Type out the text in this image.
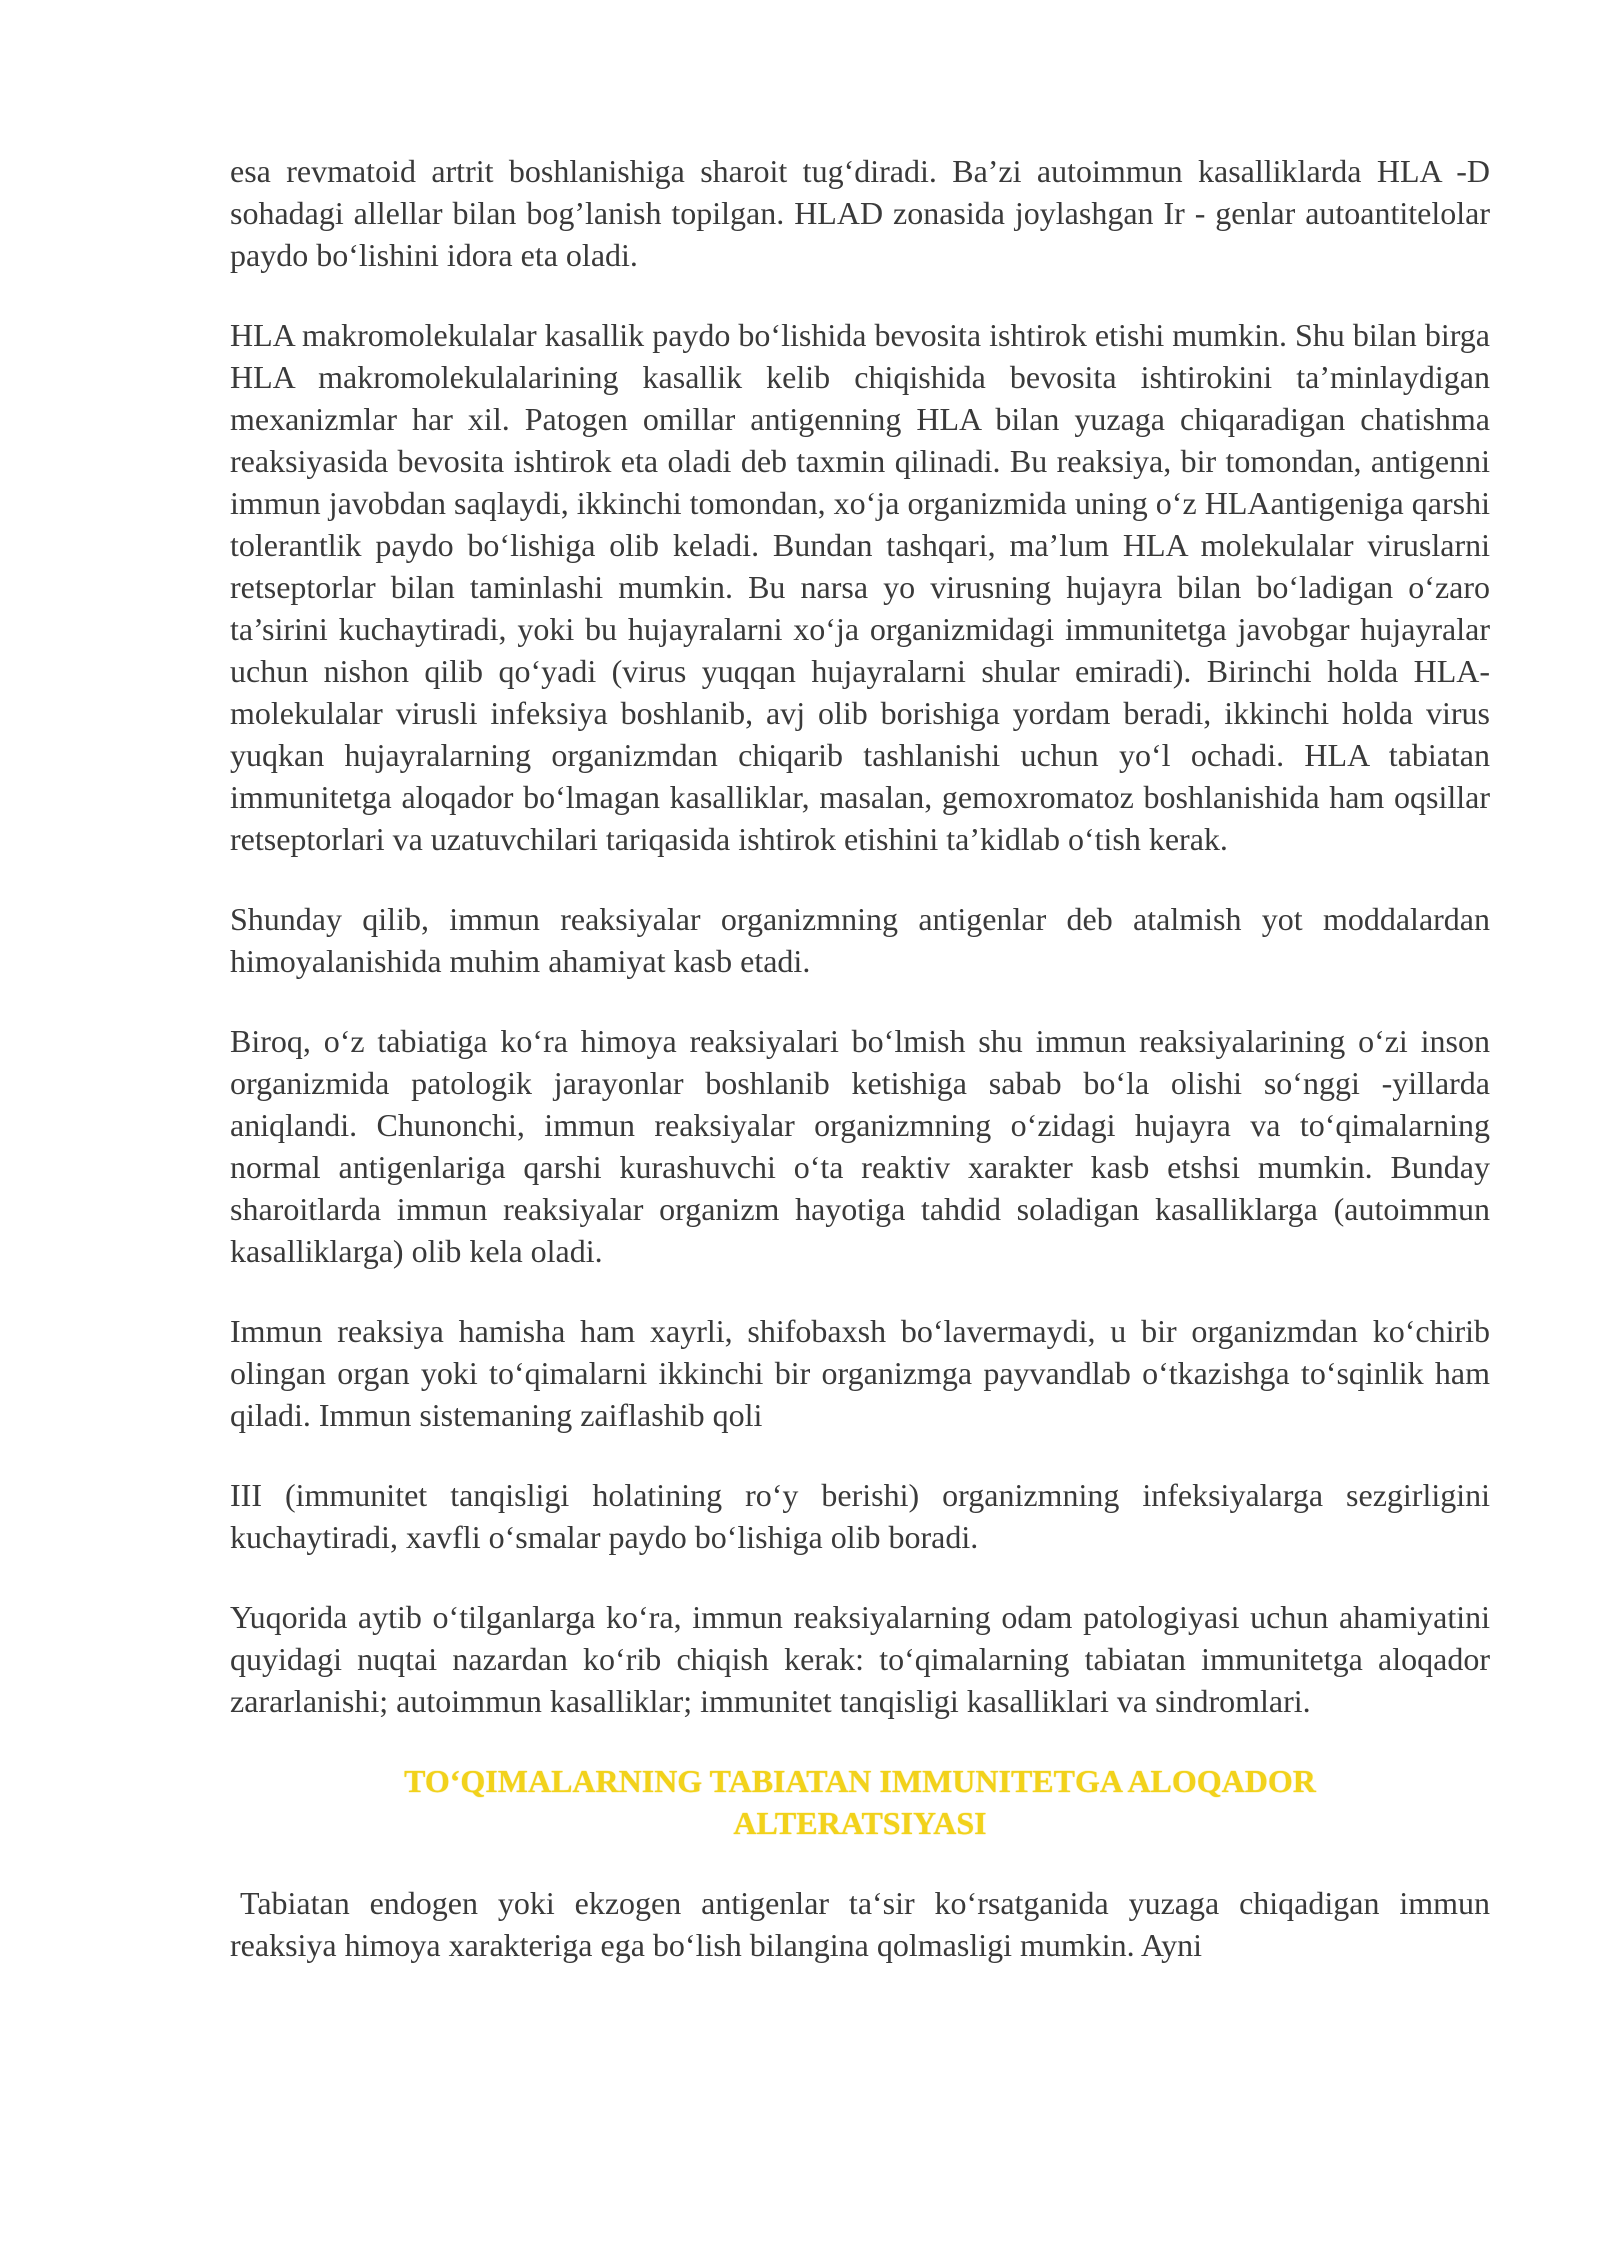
esa revmatoid artrit boshlanishiga sharoit tugʻdiradi. Ba’zi autoimmun kasalliklarda HLA -D sohadagi allellar bilan bog’lanish topilgan. HLAD zonasida joylashgan Ir - genlar autoantitelolar paydo boʻlishini idora eta oladi.

HLA makromolekulalar kasallik paydo boʻlishida bevosita ishtirok etishi mumkin. Shu bilan birga HLA makromolekulalarining kasallik kelib chiqishida bevosita ishtirokini ta’minlaydigan mexanizmlar har xil. Patogen omillar antigenning HLA bilan yuzaga chiqaradigan chatishma reaksiyasida bevosita ishtirok eta oladi deb taxmin qilinadi. Bu reaksiya, bir tomondan, antigenni immun javobdan saqlaydi, ikkinchi tomondan, xoʻja organizmida uning oʻz HLAantigeniga qarshi tolerantlik paydo boʻlishiga olib keladi. Bundan tashqari, ma’lum HLA molekulalar viruslarni retseptorlar bilan taminlashi mumkin. Bu narsa yo virusning hujayra bilan boʻladigan oʻzaro ta’sirini kuchaytiradi, yoki bu hujayralarni xoʻja organizmidagi immunitetga javobgar hujayralar uchun nishon qilib qoʻyadi (virus yuqqan hujayralarni shular emiradi). Birinchi holda HLA-molekulalar virusli infeksiya boshlanib, avj olib borishiga yordam beradi, ikkinchi holda virus yuqkan hujayralarning organizmdan chiqarib tashlanishi uchun yoʻl ochadi. HLA tabiatan immunitetga aloqador boʻlmagan kasalliklar, masalan, gemoxromatoz boshlanishida ham oqsillar retseptorlari va uzatuvchilari tariqasida ishtirok etishini ta’kidlab oʻtish kerak.

Shunday qilib, immun reaksiyalar organizmning antigenlar deb atalmish yot moddalardan himoyalanishida muhim ahamiyat kasb etadi.

Biroq, oʻz tabiatiga koʻra himoya reaksiyalari boʻlmish shu immun reaksiyalarining oʻzi inson organizmida patologik jarayonlar boshlanib ketishiga sabab boʻla olishi soʻnggi -yillarda aniqlandi. Chunonchi, immun reaksiyalar organizmning oʻzidagi hujayra va toʻqimalarning normal antigenlariga qarshi kurashuvchi oʻta reaktiv xarakter kasb etshsi mumkin. Bunday sharoitlarda immun reaksiyalar organizm hayotiga tahdid soladigan kasalliklarga (autoimmun kasalliklarga) olib kela oladi.

Immun reaksiya hamisha ham xayrli, shifobaxsh boʻlavermaydi, u bir organizmdan koʻchirib olingan organ yoki toʻqimalarni ikkinchi bir organizmga payvandlab oʻtkazishga toʻsqinlik ham qiladi. Immun sistemaning zaiflashib qoli

III (immunitet tanqisligi holatining roʻy berishi) organizmning infeksiyalarga sezgirligini kuchaytiradi, xavfli oʻsmalar paydo boʻlishiga olib boradi.

Yuqorida aytib oʻtilganlarga koʻra, immun reaksiyalarning odam patologiyasi uchun ahamiyatini quyidagi nuqtai nazardan koʻrib chiqish kerak: toʻqimalarning tabiatan immunitetga aloqador zararlanishi; autoimmun kasalliklar; immunitet tanqisligi kasalliklari va sindromlari.

TOʻQIMALARNING TABIATAN IMMUNITETGA ALOQADOR
ALTERATSIYASI

Tabiatan endogen yoki ekzogen antigenlar taʻsir koʻrsatganida yuzaga chiqadigan immun reaksiya himoya xarakteriga ega boʻlish bilangina qolmasligi mumkin. Ayni
